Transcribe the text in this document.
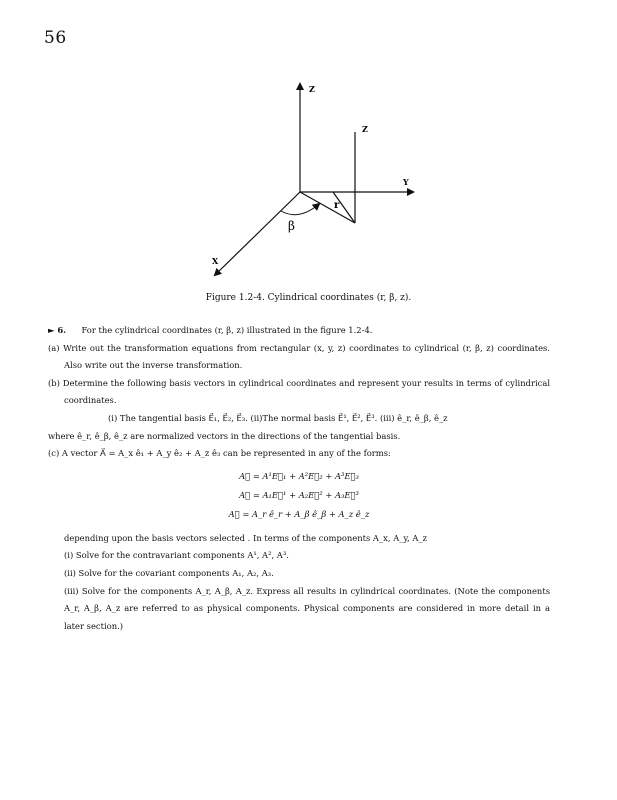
56
Z
Z
Y
X
r
β
Figure 1.2-4. Cylindrical coordinates (r, β, z).

► 6. For the cylindrical coordinates (r, β, z) illustrated in the figure 1.2-4.

(a) Write out the transformation equations from rectangular (x, y, z) coordinates to cylindrical (r, β, z) coordinates. Also write out the inverse transformation.

(b) Determine the following basis vectors in cylindrical coordinates and represent your results in terms of cylindrical coordinates.

(i) The tangential basis E⃗₁, E⃗₂, E⃗₃. (ii)The normal basis E⃗¹, E⃗², E⃗³. (iii) ê_r, ê_β, ê_z

where ê_r, ê_β, ê_z are normalized vectors in the directions of the tangential basis.

(c) A vector A⃗ = A_x ê₁ + A_y ê₂ + A_z ê₃ can be represented in any of the forms:

A⃗ = A¹E⃗₁ + A²E⃗₂ + A³E⃗₃

A⃗ = A₁E⃗¹ + A₂E⃗² + A₃E⃗³

A⃗ = A_r ê_r + A_β ê_β + A_z ê_z

depending upon the basis vectors selected . In terms of the components A_x, A_y, A_z

(i) Solve for the contravariant components A¹, A², A³.

(ii) Solve for the covariant components A₁, A₂, A₃.

(iii) Solve for the components A_r, A_β, A_z. Express all results in cylindrical coordinates. (Note the components A_r, A_β, A_z are referred to as physical components. Physical components are considered in more detail in a later section.)
